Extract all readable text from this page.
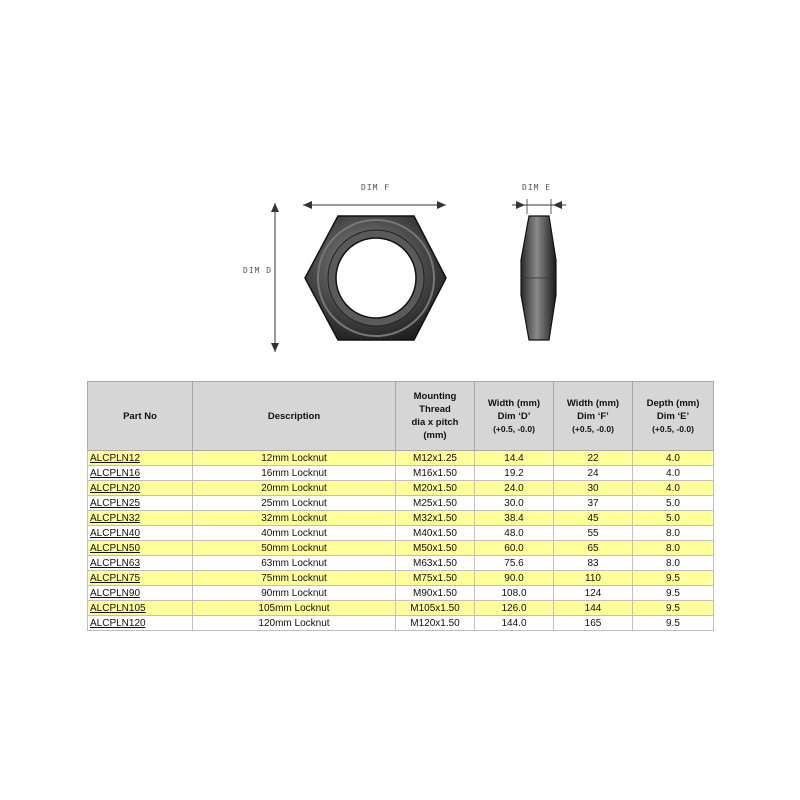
DIM F
DIM D
DIM E
Part No	Description	Mounting
Thread
dia x pitch
(mm)	Width (mm)
Dim ‘D’
(+0.5, -0.0)	Width (mm)
Dim ‘F’
(+0.5, -0.0)	Depth (mm)
Dim ‘E’
(+0.5, -0.0)
ALCPLN12	12mm Locknut	M12x1.25	14.4	22	4.0
ALCPLN16	16mm Locknut	M16x1.50	19.2	24	4.0
ALCPLN20	20mm Locknut	M20x1.50	24.0	30	4.0
ALCPLN25	25mm Locknut	M25x1.50	30.0	37	5.0
ALCPLN32	32mm Locknut	M32x1.50	38.4	45	5.0
ALCPLN40	40mm Locknut	M40x1.50	48.0	55	8.0
ALCPLN50	50mm Locknut	M50x1.50	60.0	65	8.0
ALCPLN63	63mm Locknut	M63x1.50	75.6	83	8.0
ALCPLN75	75mm Locknut	M75x1.50	90.0	110	9.5
ALCPLN90	90mm Locknut	M90x1.50	108.0	124	9.5
ALCPLN105	105mm Locknut	M105x1.50	126.0	144	9.5
ALCPLN120	120mm Locknut	M120x1.50	144.0	165	9.5
